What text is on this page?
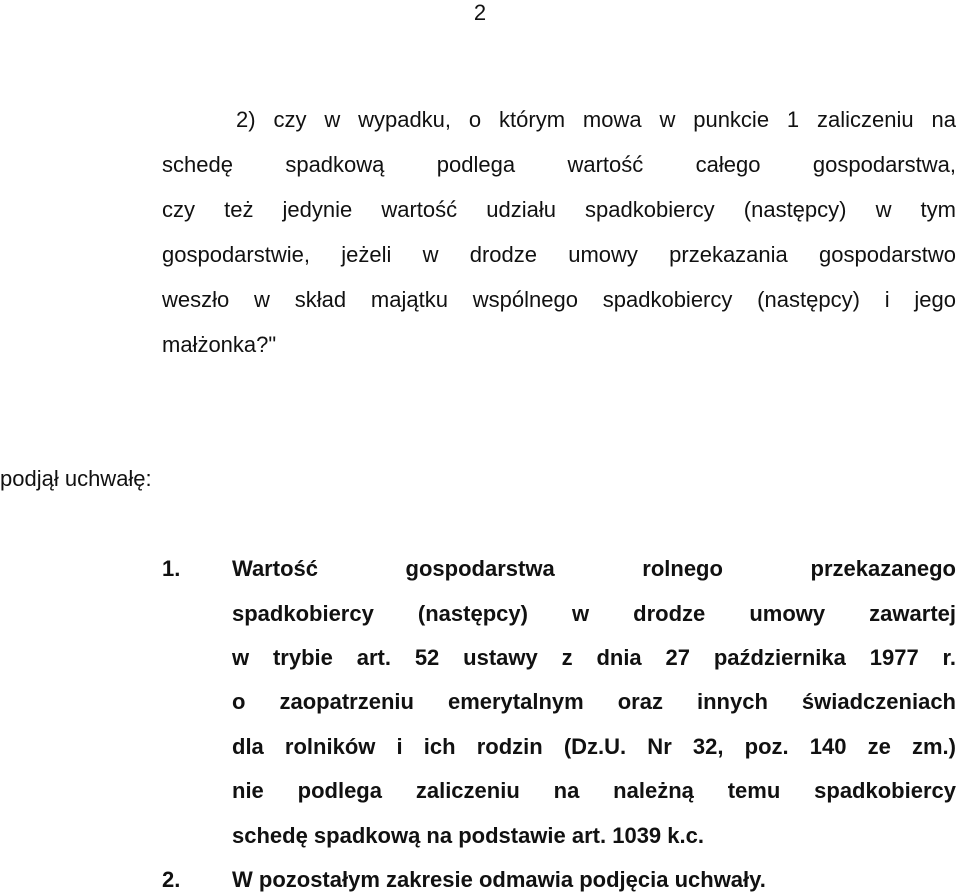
2
2) czy w wypadku, o którym mowa w punkcie 1 zaliczeniu na
schedę spadkową podlega wartość całego gospodarstwa,
czy też jedynie wartość udziału spadkobiercy (następcy) w tym
gospodarstwie, jeżeli w drodze umowy przekazania gospodarstwo
weszło w skład majątku wspólnego spadkobiercy (następcy) i jego
małżonka?"
podjął uchwałę:
1. Wartość gospodarstwa rolnego przekazanego
spadkobiercy (następcy) w drodze umowy zawartej
w trybie art. 52 ustawy z dnia 27 października 1977 r.
o zaopatrzeniu emerytalnym oraz innych świadczeniach
dla rolników i ich rodzin (Dz.U. Nr 32, poz. 140 ze zm.)
nie podlega zaliczeniu na należną temu spadkobiercy
schedę spadkową na podstawie art. 1039 k.c.
2. W pozostałym zakresie odmawia podjęcia uchwały.
